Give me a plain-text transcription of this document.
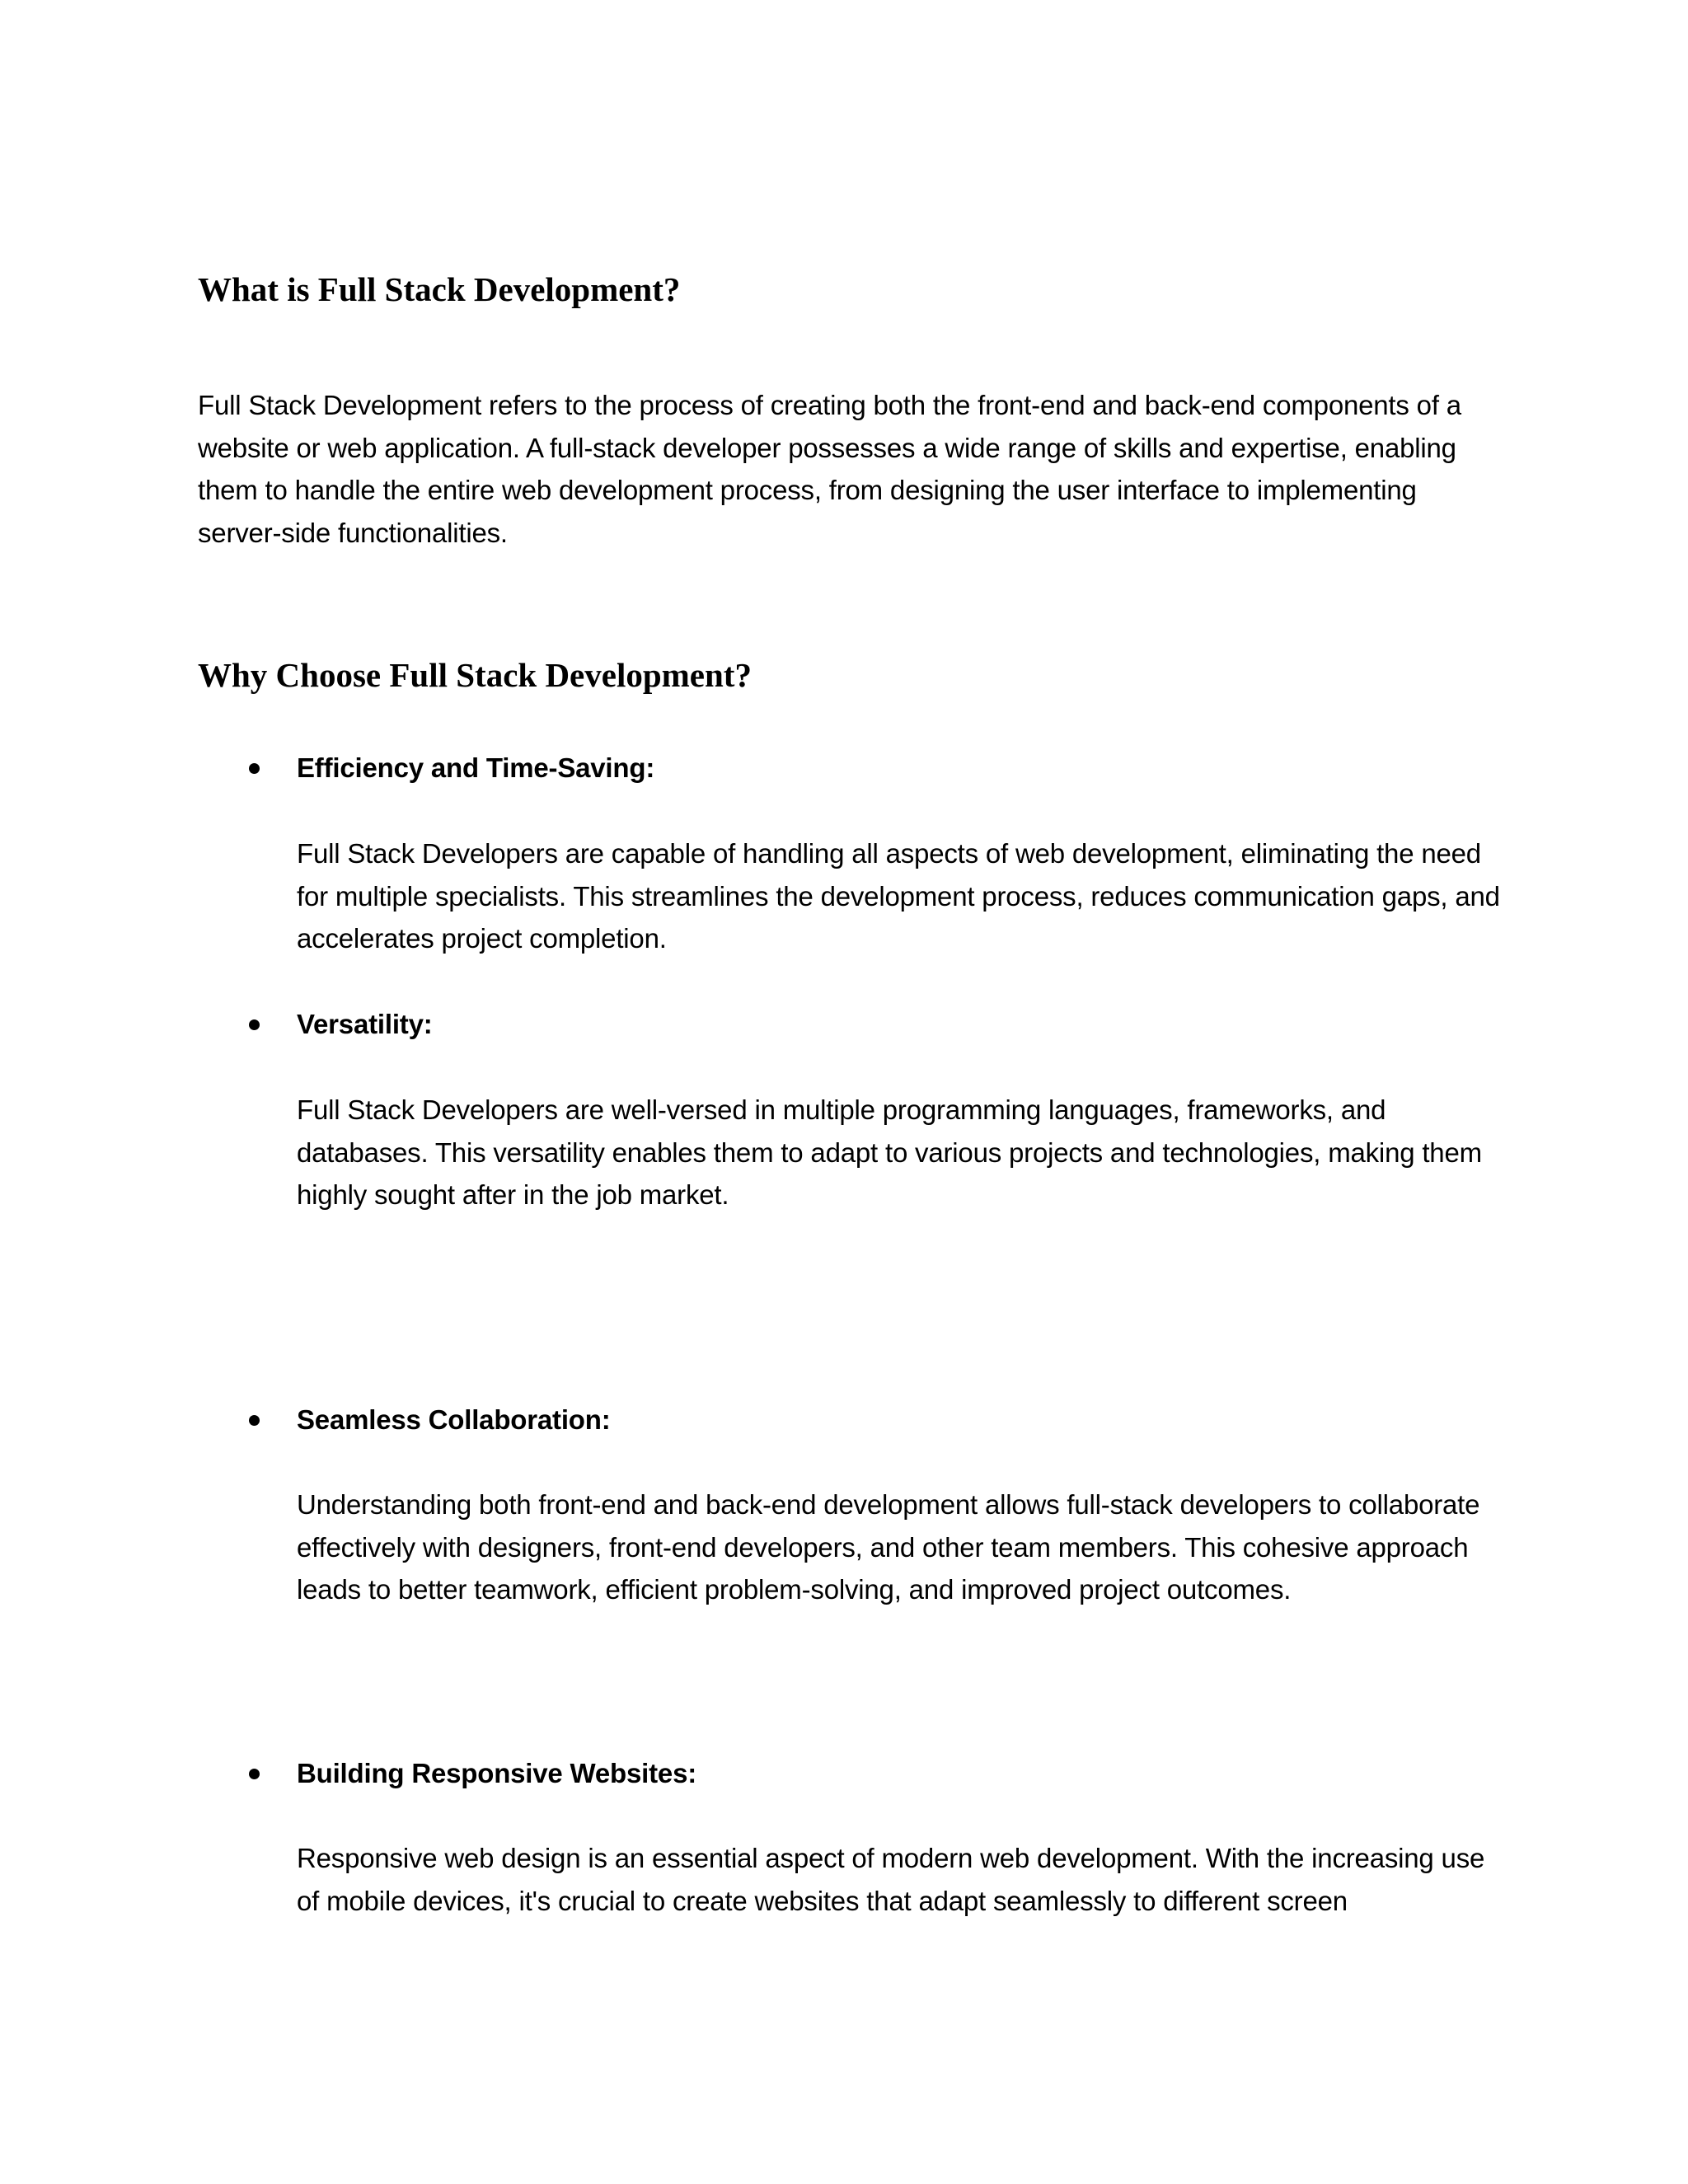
What is Full Stack Development?

Full Stack Development refers to the process of creating both the front-end and back-end components of a website or web application. A full-stack developer possesses a wide range of skills and expertise, enabling them to handle the entire web development process, from designing the user interface to implementing server-side functionalities.

Why Choose Full Stack Development?
Efficiency and Time-Saving:

Full Stack Developers are capable of handling all aspects of web development, eliminating the need for multiple specialists. This streamlines the development process, reduces communication gaps, and accelerates project completion.

Versatility:

Full Stack Developers are well-versed in multiple programming languages, frameworks, and databases. This versatility enables them to adapt to various projects and technologies, making them highly sought after in the job market.

Seamless Collaboration:

Understanding both front-end and back-end development allows full-stack developers to collaborate effectively with designers, front-end developers, and other team members. This cohesive approach leads to better teamwork, efficient problem-solving, and improved project outcomes.

Building Responsive Websites:

Responsive web design is an essential aspect of modern web development. With the increasing use of mobile devices, it's crucial to create websites that adapt seamlessly to different screen
